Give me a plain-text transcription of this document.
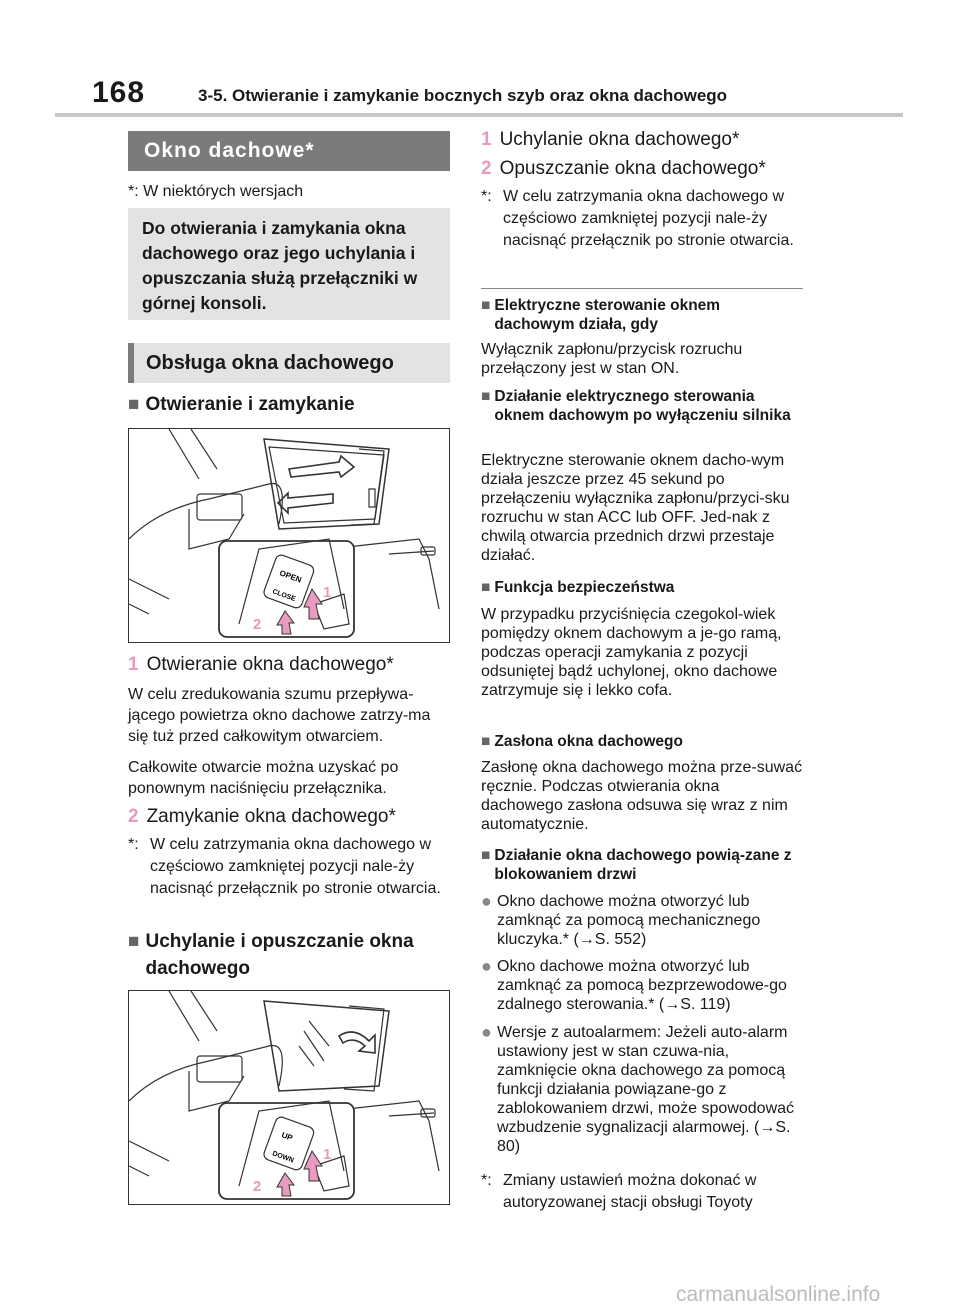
168	3-5. Otwieranie i zamykanie bocznych szyb oraz okna dachowego
Okno dachowe*
*: W niektórych wersjach
Do otwierania i zamykania okna dachowego oraz jego uchylania i opuszczania służą przełączniki w górnej konsoli.
Obsługa okna dachowego
■ Otwieranie i zamykanie
OPEN
CLOSE 1
2
1 Otwieranie okna dachowego*
W celu zredukowania szumu przepływa-jącego powietrza okno dachowe zatrzy-ma się tuż przed całkowitym otwarciem.
Całkowite otwarcie można uzyskać po ponownym naciśnięciu przełącznika.
2 Zamykanie okna dachowego*
*: W celu zatrzymania okna dachowego w częściowo zamkniętej pozycji nale-ży nacisnąć przełącznik po stronie otwarcia.
■ Uchylanie i opuszczanie okna dachowego
UP
DOWN 1
2
1 Uchylanie okna dachowego*
2 Opuszczanie okna dachowego*
*: W celu zatrzymania okna dachowego w częściowo zamkniętej pozycji nale-ży nacisnąć przełącznik po stronie otwarcia.
■ Elektryczne sterowanie oknem dachowym działa, gdy
Wyłącznik zapłonu/przycisk rozruchu przełączony jest w stan ON.
■ Działanie elektrycznego sterowania oknem dachowym po wyłączeniu silnika
Elektryczne sterowanie oknem dacho-wym działa jeszcze przez 45 sekund po przełączeniu wyłącznika zapłonu/przyci-sku rozruchu w stan ACC lub OFF. Jed-nak z chwilą otwarcia przednich drzwi przestaje działać.
■ Funkcja bezpieczeństwa
W przypadku przyciśnięcia czegokol-wiek pomiędzy oknem dachowym a je-go ramą, podczas operacji zamykania z pozycji odsuniętej bądź uchylonej, okno dachowe zatrzymuje się i lekko cofa.
■ Zasłona okna dachowego
Zasłonę okna dachowego można prze-suwać ręcznie. Podczas otwierania okna dachowego zasłona odsuwa się wraz z nim automatycznie.
■ Działanie okna dachowego powią-zane z blokowaniem drzwi
● Okno dachowe można otworzyć lub zamknąć za pomocą mechanicznego kluczyka.* (→S. 552)
● Okno dachowe można otworzyć lub zamknąć za pomocą bezprzewodowe-go zdalnego sterowania.* (→S. 119)
● Wersje z autoalarmem: Jeżeli auto-alarm ustawiony jest w stan czuwa-nia, zamknięcie okna dachowego za pomocą funkcji działania powiązane-go z zablokowaniem drzwi, może spowodować wzbudzenie sygnalizacji alarmowej. (→S. 80)
*: Zmiany ustawień można dokonać w autoryzowanej stacji obsługi Toyoty
carmanualsonline.info
